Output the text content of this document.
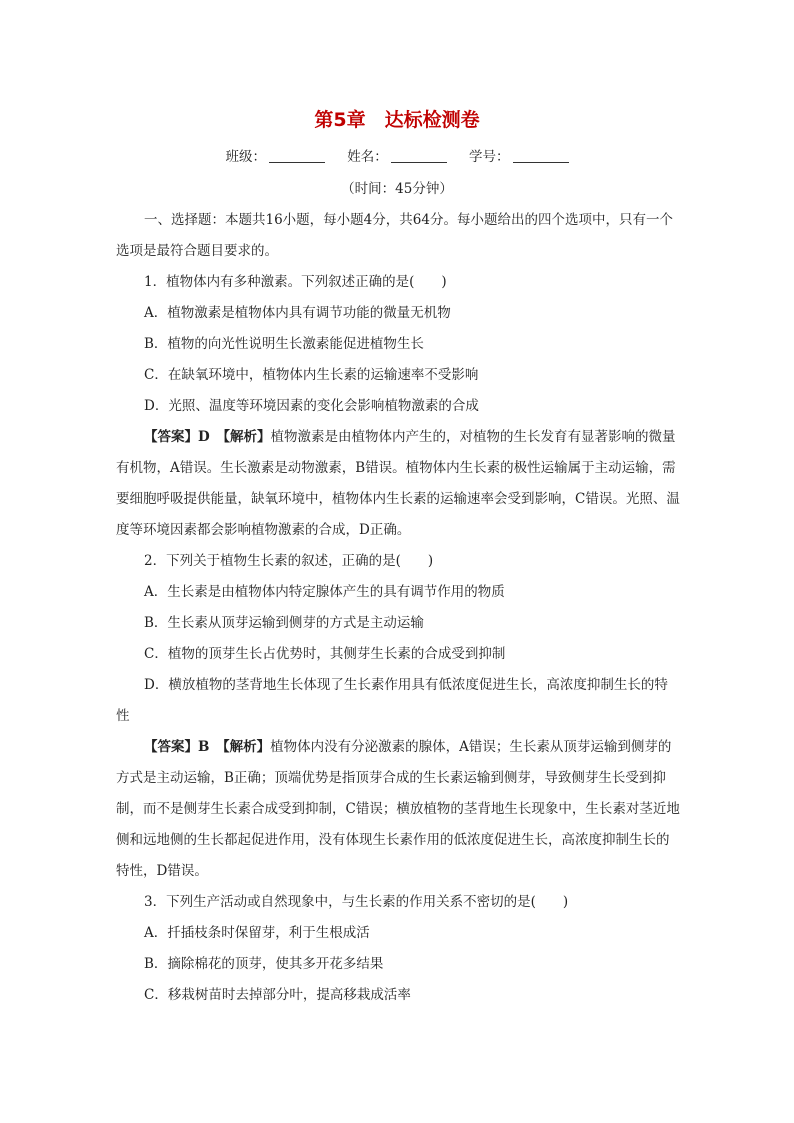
第5章　达标检测卷
班级：	姓名：	学号：
（时间：45分钟）

一、选择题：本题共16小题，每小题4分，共64分。每小题给出的四个选项中，只有一个选项是最符合题目要求的。

1．植物体内有多种激素。下列叙述正确的是(　　)

A．植物激素是植物体内具有调节功能的微量无机物

B．植物的向光性说明生长激素能促进植物生长

C．在缺氧环境中，植物体内生长素的运输速率不受影响

D．光照、温度等环境因素的变化会影响植物激素的合成

【答案】D　 【解析】植物激素是由植物体内产生的，对植物的生长发育有显著影响的微量有机物，A错误。生长激素是动物激素，B错误。植物体内生长素的极性运输属于主动运输，需要细胞呼吸提供能量，缺氧环境中，植物体内生长素的运输速率会受到影响，C错误。光照、温度等环境因素都会影响植物激素的合成，D正确。

2．下列关于植物生长素的叙述，正确的是(　　)

A．生长素是由植物体内特定腺体产生的具有调节作用的物质

B．生长素从顶芽运输到侧芽的方式是主动运输

C．植物的顶芽生长占优势时，其侧芽生长素的合成受到抑制

D．横放植物的茎背地生长体现了生长素作用具有低浓度促进生长，高浓度抑制生长的特性

【答案】B　 【解析】植物体内没有分泌激素的腺体，A错误；生长素从顶芽运输到侧芽的方式是主动运输，B正确；顶端优势是指顶芽合成的生长素运输到侧芽，导致侧芽生长受到抑制，而不是侧芽生长素合成受到抑制，C错误；横放植物的茎背地生长现象中，生长素对茎近地侧和远地侧的生长都起促进作用，没有体现生长素作用的低浓度促进生长，高浓度抑制生长的特性，D错误。

3．下列生产活动或自然现象中，与生长素的作用关系不密切的是(　　)

A．扦插枝条时保留芽，利于生根成活

B．摘除棉花的顶芽，使其多开花多结果

C．移栽树苗时去掉部分叶，提高移栽成活率
